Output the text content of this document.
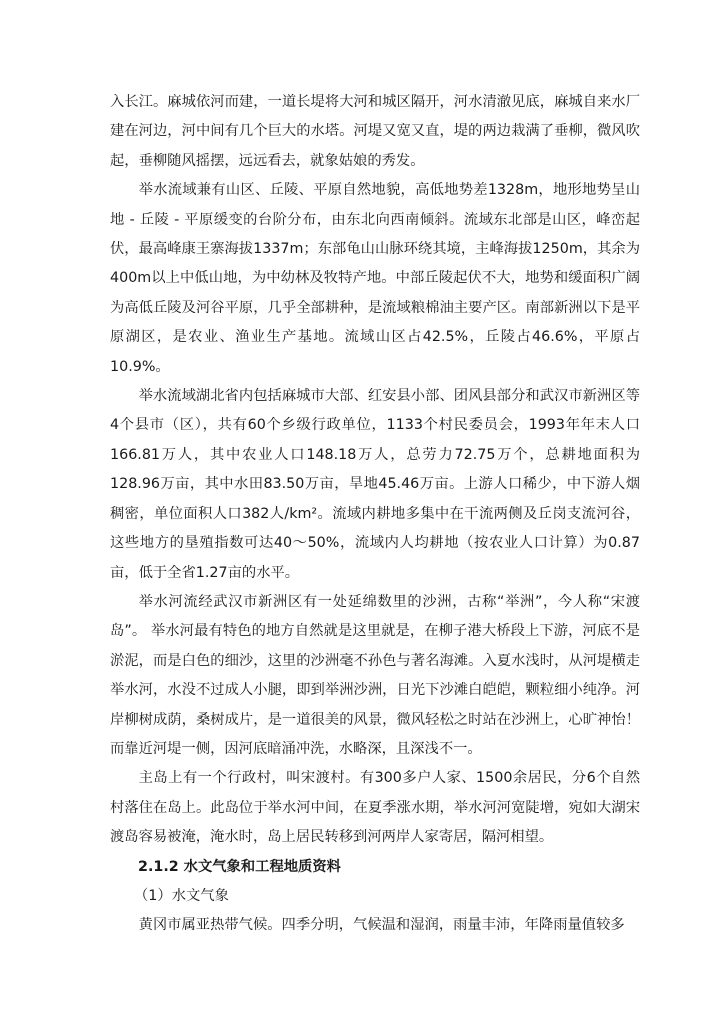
入长江。麻城依河而建，一道长堤将大河和城区隔开，河水清澈见底，麻城自来水厂建在河边，河中间有几个巨大的水塔。河堤又宽又直，堤的两边栽满了垂柳，微风吹起，垂柳随风摇摆，远远看去，就象姑娘的秀发。

举水流域兼有山区、丘陵、平原自然地貌，高低地势差1328m，地形地势呈山地 - 丘陵 - 平原缓变的台阶分布，由东北向西南倾斜。流域东北部是山区，峰峦起伏，最高峰康王寨海拔1337m；东部龟山山脉环绕其境，主峰海拔1250m，其余为400m以上中低山地，为中幼林及牧特产地。中部丘陵起伏不大，地势和缓面积广阔为高低丘陵及河谷平原，几乎全部耕种，是流域粮棉油主要产区。南部新洲以下是平原湖区，是农业、渔业生产基地。流域山区占42.5%，丘陵占46.6%，平原占10.9%。

举水流域湖北省内包括麻城市大部、红安县小部、团风县部分和武汉市新洲区等4个县市（区），共有60个乡级行政单位，1133个村民委员会，1993年年末人口166.81万人，其中农业人口148.18万人，总劳力72.75万个，总耕地面积为128.96万亩，其中水田83.50万亩，旱地45.46万亩。上游人口稀少，中下游人烟稠密，单位面积人口382人/km²。流域内耕地多集中在干流两侧及丘岗支流河谷，这些地方的垦殖指数可达40～50%，流域内人均耕地（按农业人口计算）为0.87亩，低于全省1.27亩的水平。

举水河流经武汉市新洲区有一处延绵数里的沙洲，古称“举洲”，今人称“宋渡岛”。 举水河最有特色的地方自然就是这里就是，在柳子港大桥段上下游，河底不是淤泥，而是白色的细沙，这里的沙洲毫不孙色与著名海滩。入夏水浅时，从河堤横走举水河，水没不过成人小腿，即到举洲沙洲，日光下沙滩白皑皑，颗粒细小纯净。河岸柳树成荫，桑树成片，是一道很美的风景，微风轻松之时站在沙洲上，心旷神怡！而靠近河堤一侧，因河底暗涌冲洗，水略深，且深浅不一。

主岛上有一个行政村，叫宋渡村。有300多户人家、1500余居民，分6个自然村落住在岛上。此岛位于举水河中间，在夏季涨水期，举水河河宽陡增，宛如大湖宋渡岛容易被淹，淹水时，岛上居民转移到河两岸人家寄居，隔河相望。

2.1.2 水文气象和工程地质资料

（1）水文气象

黄冈市属亚热带气候。四季分明，气候温和湿润，雨量丰沛，年降雨量值较多
